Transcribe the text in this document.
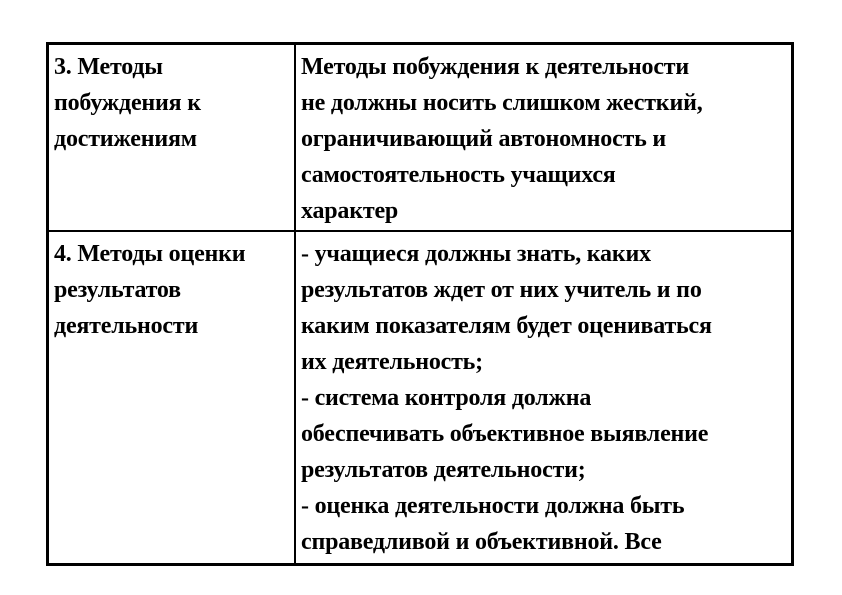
3. Методы
побуждения к
достижениям
Методы побуждения к деятельности
не должны носить слишком жесткий,
ограничивающий автономность и
самостоятельность учащихся
характер
4. Методы оценки
результатов
деятельности
- учащиеся должны знать, каких
результатов ждет от них учитель и по
каким показателям будет оцениваться
их деятельность;
- система контроля должна
обеспечивать объективное выявление
результатов деятельности;
- оценка деятельности должна быть
справедливой и объективной. Все
